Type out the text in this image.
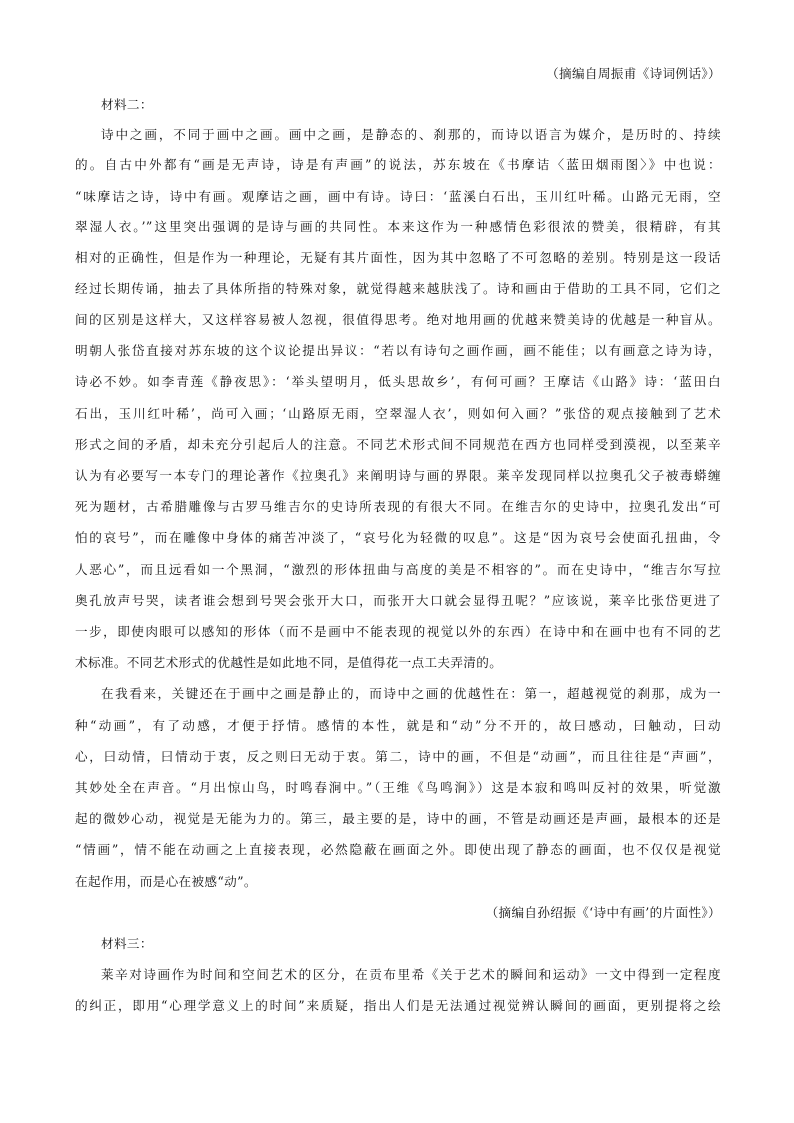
（摘编自周振甫《诗词例话》）
材料二：
诗中之画，不同于画中之画。画中之画，是静态的、刹那的，而诗以语言为媒介，是历时的、持续
的。自古中外都有“画是无声诗，诗是有声画”的说法，苏东坡在《书摩诘〈蓝田烟雨图〉》中也说：
“味摩诘之诗，诗中有画。观摩诘之画，画中有诗。诗曰：‘蓝溪白石出，玉川红叶稀。山路元无雨，空
翠湿人衣。’”这里突出强调的是诗与画的共同性。本来这作为一种感情色彩很浓的赞美，很精辟，有其
相对的正确性，但是作为一种理论，无疑有其片面性，因为其中忽略了不可忽略的差别。特别是这一段话
经过长期传诵，抽去了具体所指的特殊对象，就觉得越来越肤浅了。诗和画由于借助的工具不同，它们之
间的区别是这样大，又这样容易被人忽视，很值得思考。绝对地用画的优越来赞美诗的优越是一种盲从。
明朝人张岱直接对苏东坡的这个议论提出异议：“若以有诗句之画作画，画不能佳；以有画意之诗为诗，
诗必不妙。如李青莲《静夜思》：‘举头望明月，低头思故乡’，有何可画？王摩诘《山路》诗：‘蓝田白
石出，玉川红叶稀’，尚可入画；‘山路原无雨，空翠湿人衣’，则如何入画？”张岱的观点接触到了艺术
形式之间的矛盾，却未充分引起后人的注意。不同艺术形式间不同规范在西方也同样受到漠视，以至莱辛
认为有必要写一本专门的理论著作《拉奥孔》来阐明诗与画的界限。莱辛发现同样以拉奥孔父子被毒蟒缠
死为题材，古希腊雕像与古罗马维吉尔的史诗所表现的有很大不同。在维吉尔的史诗中，拉奥孔发出“可
怕的哀号”，而在雕像中身体的痛苦冲淡了，“哀号化为轻微的叹息”。这是“因为哀号会使面孔扭曲，令
人恶心”，而且远看如一个黑洞，“激烈的形体扭曲与高度的美是不相容的”。而在史诗中，“维吉尔写拉
奥孔放声号哭，读者谁会想到号哭会张开大口，而张开大口就会显得丑呢？”应该说，莱辛比张岱更进了
一步，即使肉眼可以感知的形体（而不是画中不能表现的视觉以外的东西）在诗中和在画中也有不同的艺
术标准。不同艺术形式的优越性是如此地不同，是值得花一点工夫弄清的。
在我看来，关键还在于画中之画是静止的，而诗中之画的优越性在：第一，超越视觉的刹那，成为一
种“动画”，有了动感，才便于抒情。感情的本性，就是和“动”分不开的，故曰感动，曰触动，曰动
心，曰动情，曰情动于衷，反之则曰无动于衷。第二，诗中的画，不但是“动画”，而且往往是“声画”，
其妙处全在声音。“月出惊山鸟，时鸣春涧中。”（王维《鸟鸣涧》）这是本寂和鸣叫反衬的效果，听觉激
起的微妙心动，视觉是无能为力的。第三，最主要的是，诗中的画，不管是动画还是声画，最根本的还是
“情画”，情不能在动画之上直接表现，必然隐蔽在画面之外。即使出现了静态的画面，也不仅仅是视觉
在起作用，而是心在被感“动”。
（摘编自孙绍振《‘诗中有画’的片面性》）
材料三：
莱辛对诗画作为时间和空间艺术的区分，在贡布里希《关于艺术的瞬间和运动》一文中得到一定程度
的纠正，即用“心理学意义上的时间”来质疑，指出人们是无法通过视觉辨认瞬间的画面，更别提将之绘
